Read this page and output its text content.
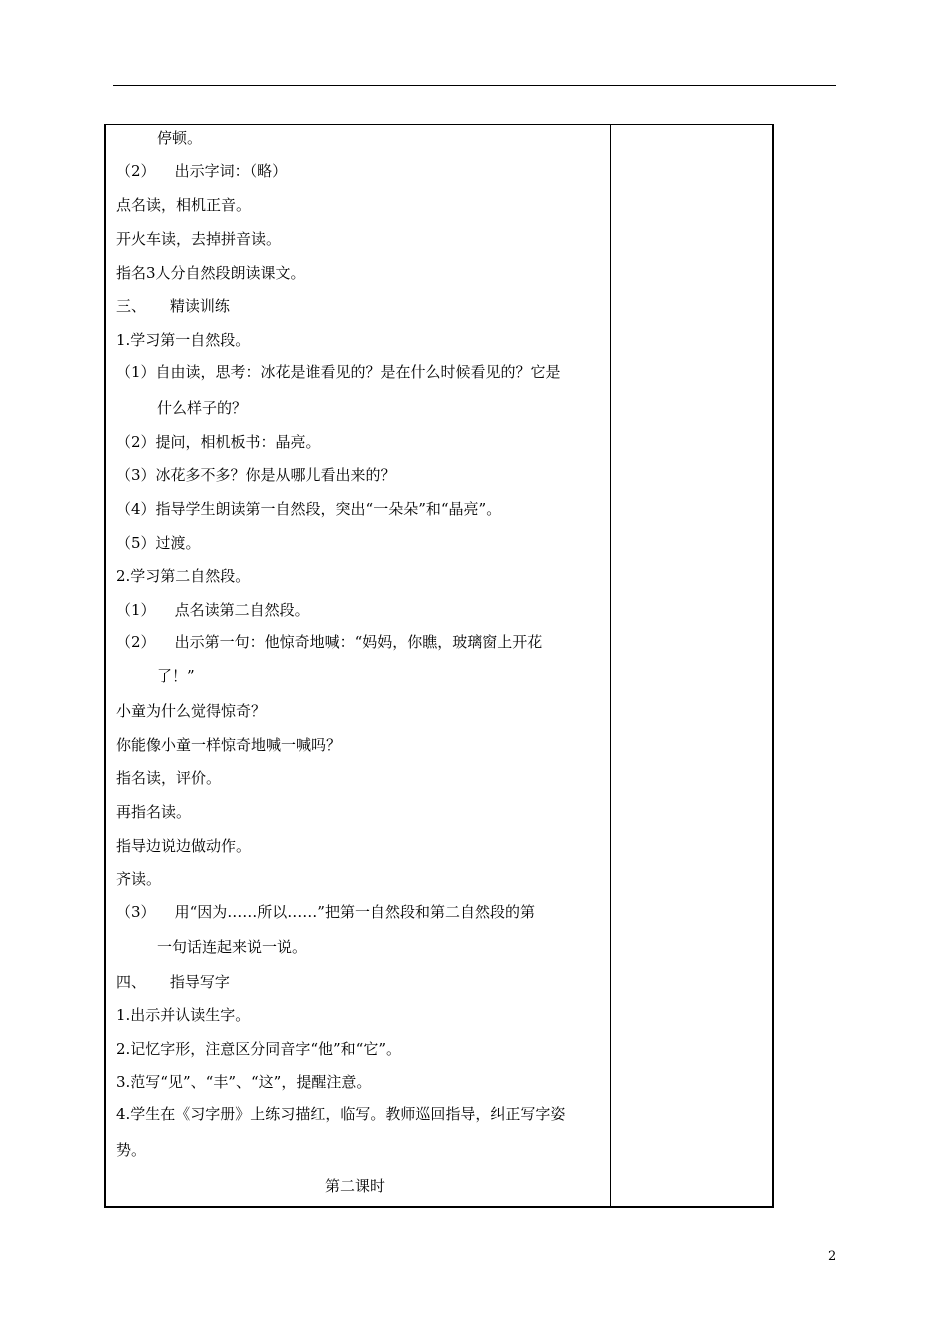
停顿。
（2）    出示字词：（略）
点名读，相机正音。
开火车读，去掉拼音读。
指名3人分自然段朗读课文。
三、     精读训练
1.学习第一自然段。
（1）自由读，思考：冰花是谁看见的？是在什么时候看见的？它是
什么样子的？
（2）提问，相机板书：晶亮。
（3）冰花多不多？你是从哪儿看出来的？
（4）指导学生朗读第一自然段，突出“一朵朵”和“晶亮”。
（5）过渡。
2.学习第二自然段。
（1）    点名读第二自然段。
（2）    出示第一句：他惊奇地喊：“妈妈，你瞧，玻璃窗上开花
了！”
小童为什么觉得惊奇？
你能像小童一样惊奇地喊一喊吗？
指名读，评价。
再指名读。
指导边说边做动作。
齐读。
（3）    用“因为……所以……”把第一自然段和第二自然段的第
一句话连起来说一说。
四、     指导写字
1.出示并认读生字。
2.记忆字形，注意区分同音字“他”和“它”。
3.范写“见”、“丰”、“这”，提醒注意。
4.学生在《习字册》上练习描红，临写。教师巡回指导，纠正写字姿
势。
第二课时
2
